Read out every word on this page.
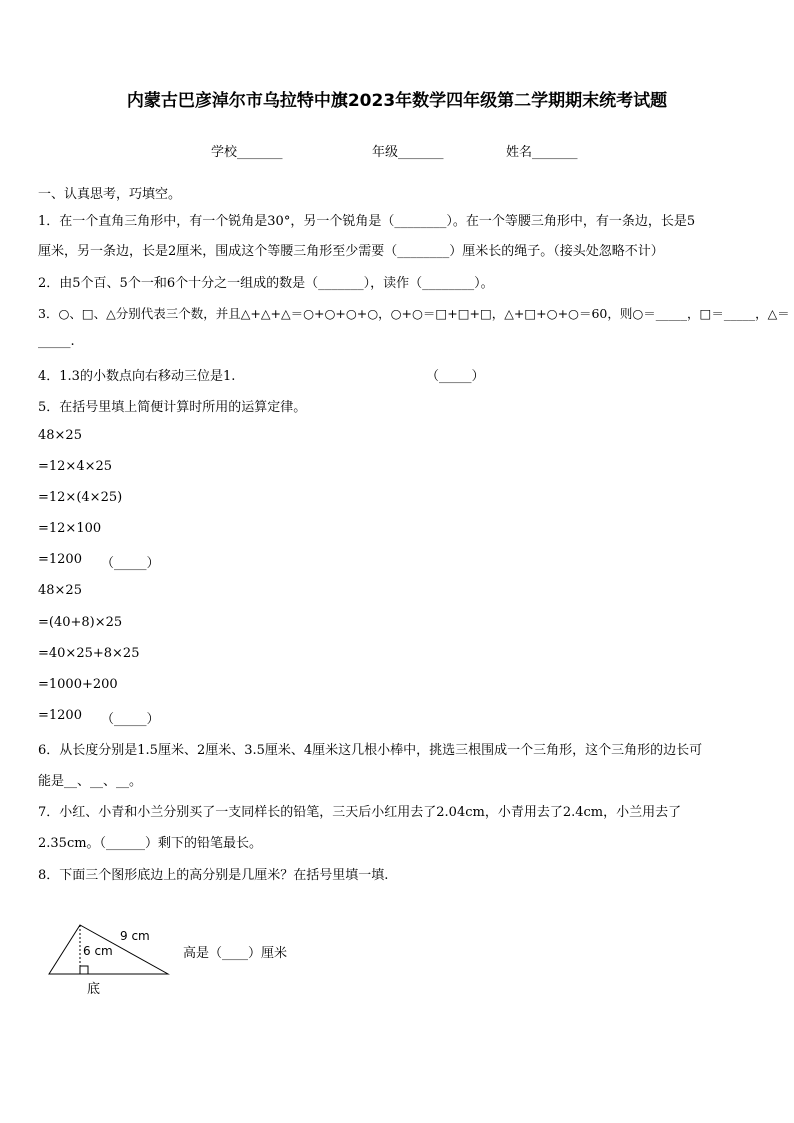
内蒙古巴彦淖尔市乌拉特中旗2023年数学四年级第二学期期末统考试题
学校_______	年级_______	姓名_______
一、认真思考，巧填空。
1．在一个直角三角形中，有一个锐角是30°，另一个锐角是（________）。在一个等腰三角形中，有一条边，长是5
厘米，另一条边，长是2厘米，围成这个等腰三角形至少需要（________）厘米长的绳子。（接头处忽略不计）
2．由5个百、5个一和6个十分之一组成的数是（_______），读作（________）。
3．○、□、△分别代表三个数，并且△+△+△＝○+○+○+○，○+○＝□+□+□，△+□+○+○＝60，则○＝_____，□＝_____，△＝
_____.
4．1.3的小数点向右移动三位是1.	（_____）
5．在括号里填上简便计算时所用的运算定律。
48×25
=12×4×25
=12×(4×25)
=12×100
=1200 （_____）
48×25
=(40+8)×25
=40×25+8×25
=1000+200
=1200 （_____）
6．从长度分别是1.5厘米、2厘米、3.5厘米、4厘米这几根小棒中，挑选三根围成一个三角形，这个三角形的边长可
能是__、__、__。
7．小红、小青和小兰分别买了一支同样长的铅笔，三天后小红用去了2.04cm，小青用去了2.4cm，小兰用去了
2.35cm。（______）剩下的铅笔最长。
8．下面三个图形底边上的高分别是几厘米？在括号里填一填.
9 cm
6 cm
底
高是（____）厘米
